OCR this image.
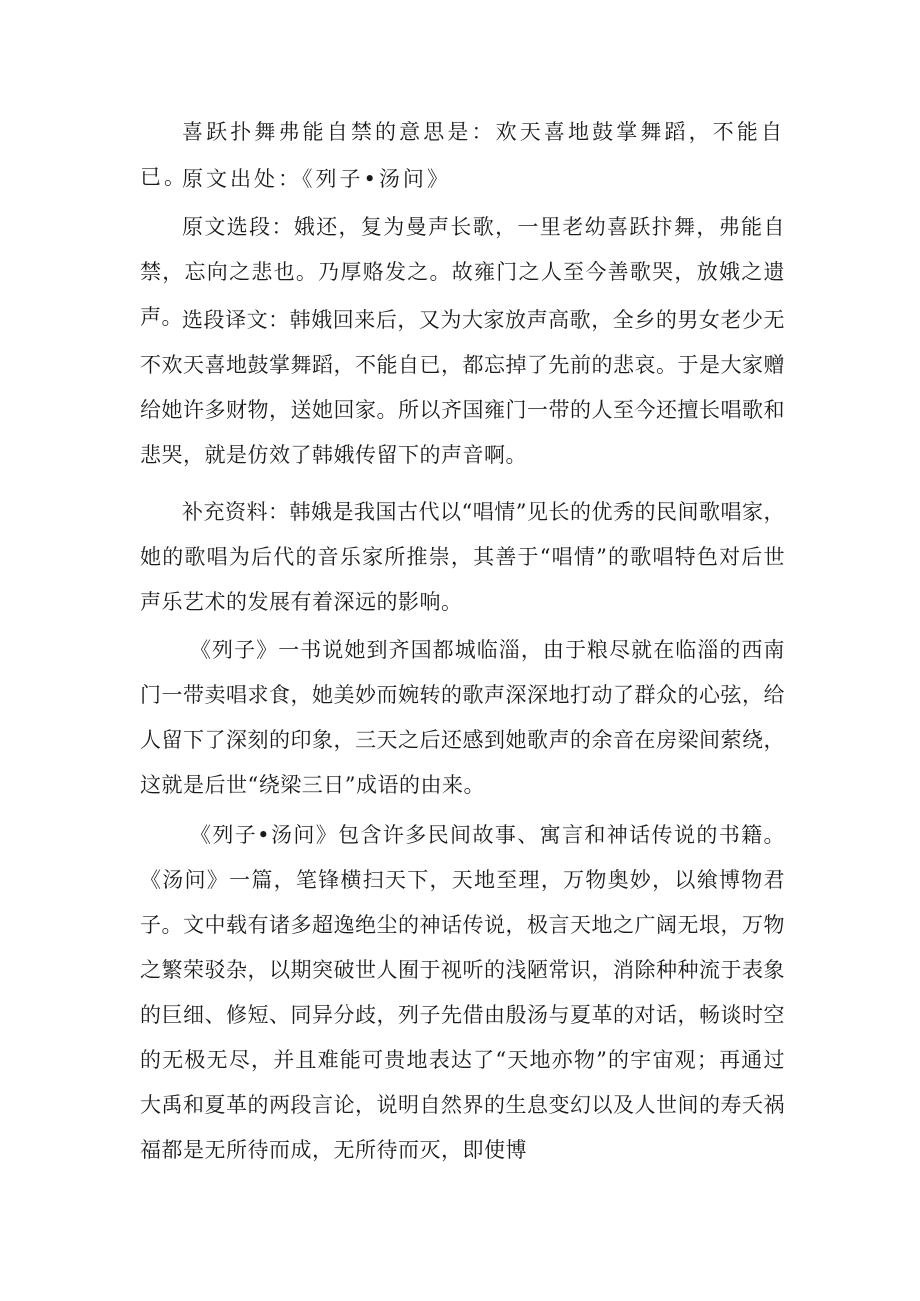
喜跃扑舞弗能自禁的意思是：欢天喜地鼓掌舞蹈，不能自已。

原文出处：《列子•汤问》

原文选段：娥还，复为曼声长歌，一里老幼喜跃抃舞，弗能自禁，忘向之悲也。乃厚赂发之。故雍门之人至今善歌哭，放娥之遗声。 选段译文：韩娥回来后，又为大家放声高歌，全乡的男女老少无不欢天喜地鼓掌舞蹈，不能自已，都忘掉了先前的悲哀。于是大家赠给她许多财物，送她回家。所以齐国雍门一带的人至今还擅长唱歌和悲哭，就是仿效了韩娥传留下的声音啊。

补充资料：韩娥是我国古代以“唱情”见长的优秀的民间歌唱家，她的歌唱为后代的音乐家所推崇，其善于“唱情”的歌唱特色对后世声乐艺术的发展有着深远的影响。

《列子》一书说她到齐国都城临淄，由于粮尽就在临淄的西南门一带卖唱求食，她美妙而婉转的歌声深深地打动了群众的心弦，给人留下了深刻的印象，三天之后还感到她歌声的余音在房梁间萦绕，这就是后世“绕梁三日”成语的由来。

《列子•汤问》包含许多民间故事、寓言和神话传说的书籍。《汤问》一篇，笔锋横扫天下，天地至理，万物奥妙，以飨博物君子。文中载有诸多超逸绝尘的神话传说，极言天地之广阔无垠，万物之繁荣驳杂，以期突破世人囿于视听的浅陋常识，消除种种流于表象的巨细、修短、同异分歧，列子先借由殷汤与夏革的对话，畅谈时空的无极无尽，并且难能可贵地表达了“天地亦物”的宇宙观；再通过大禹和夏革的两段言论，说明自然界的生息变幻以及人世间的寿夭祸福都是无所待而成，无所待而灭，即使博
